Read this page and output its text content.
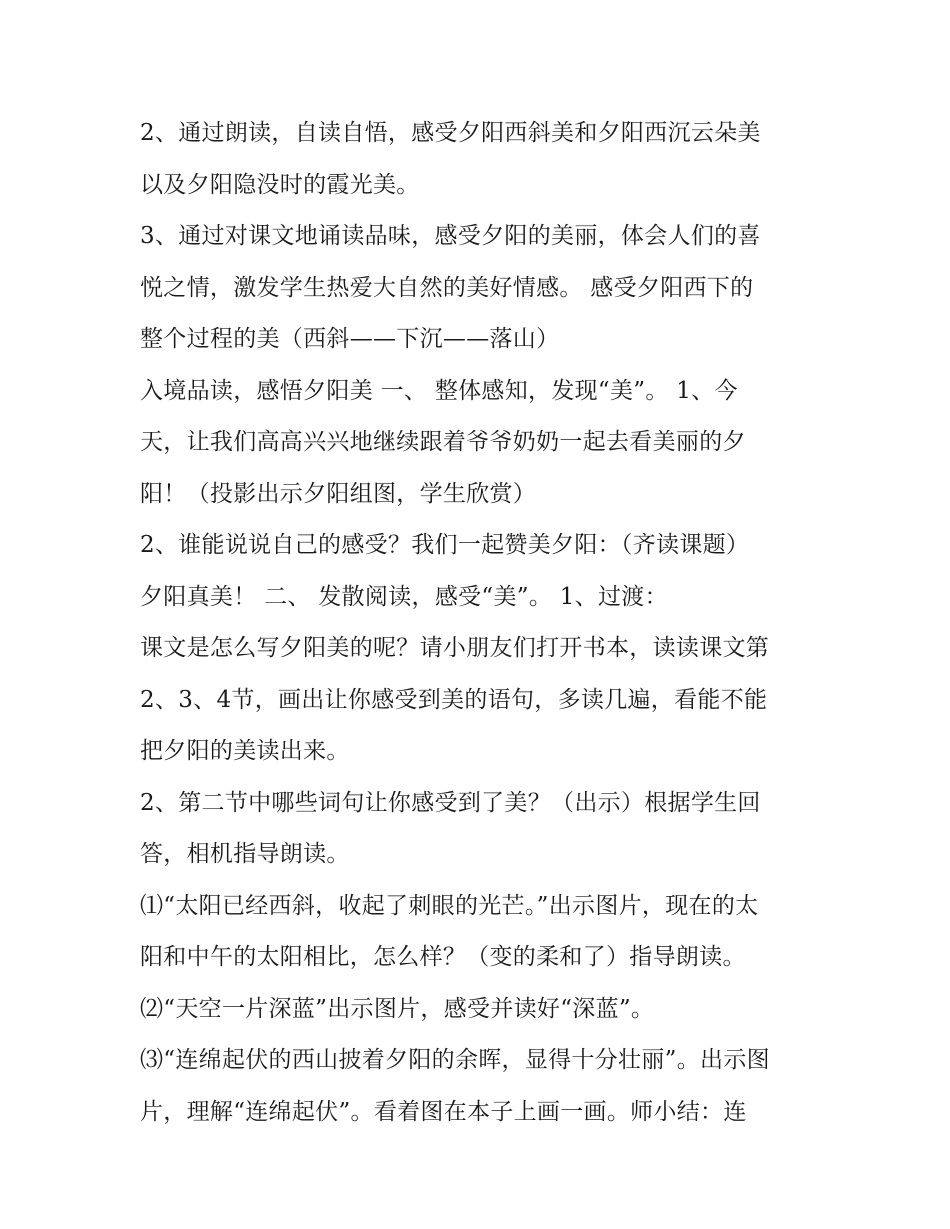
2、通过朗读，自读自悟，感受夕阳西斜美和夕阳西沉云朵美
以及夕阳隐没时的霞光美。
3、通过对课文地诵读品味，感受夕阳的美丽，体会人们的喜
悦之情，激发学生热爱大自然的美好情感。 感受夕阳西下的
整个过程的美（西斜——下沉——落山）
入境品读，感悟夕阳美 一、 整体感知，发现“美”。 1、今
天，让我们高高兴兴地继续跟着爷爷奶奶一起去看美丽的夕
阳！（投影出示夕阳组图，学生欣赏）
2、谁能说说自己的感受？我们一起赞美夕阳：（齐读课题）
夕阳真美！ 二、 发散阅读，感受“美”。 1、过渡：
课文是怎么写夕阳美的呢？请小朋友们打开书本，读读课文第
2、3、4节，画出让你感受到美的语句，多读几遍，看能不能
把夕阳的美读出来。
2、第二节中哪些词句让你感受到了美？（出示）根据学生回
答，相机指导朗读。
⑴“太阳已经西斜，收起了刺眼的光芒。”出示图片，现在的太
阳和中午的太阳相比，怎么样？（变的柔和了）指导朗读。
⑵“天空一片深蓝”出示图片，感受并读好“深蓝”。
⑶“连绵起伏的西山披着夕阳的余晖，显得十分壮丽”。出示图
片，理解“连绵起伏”。看着图在本子上画一画。师小结：连
